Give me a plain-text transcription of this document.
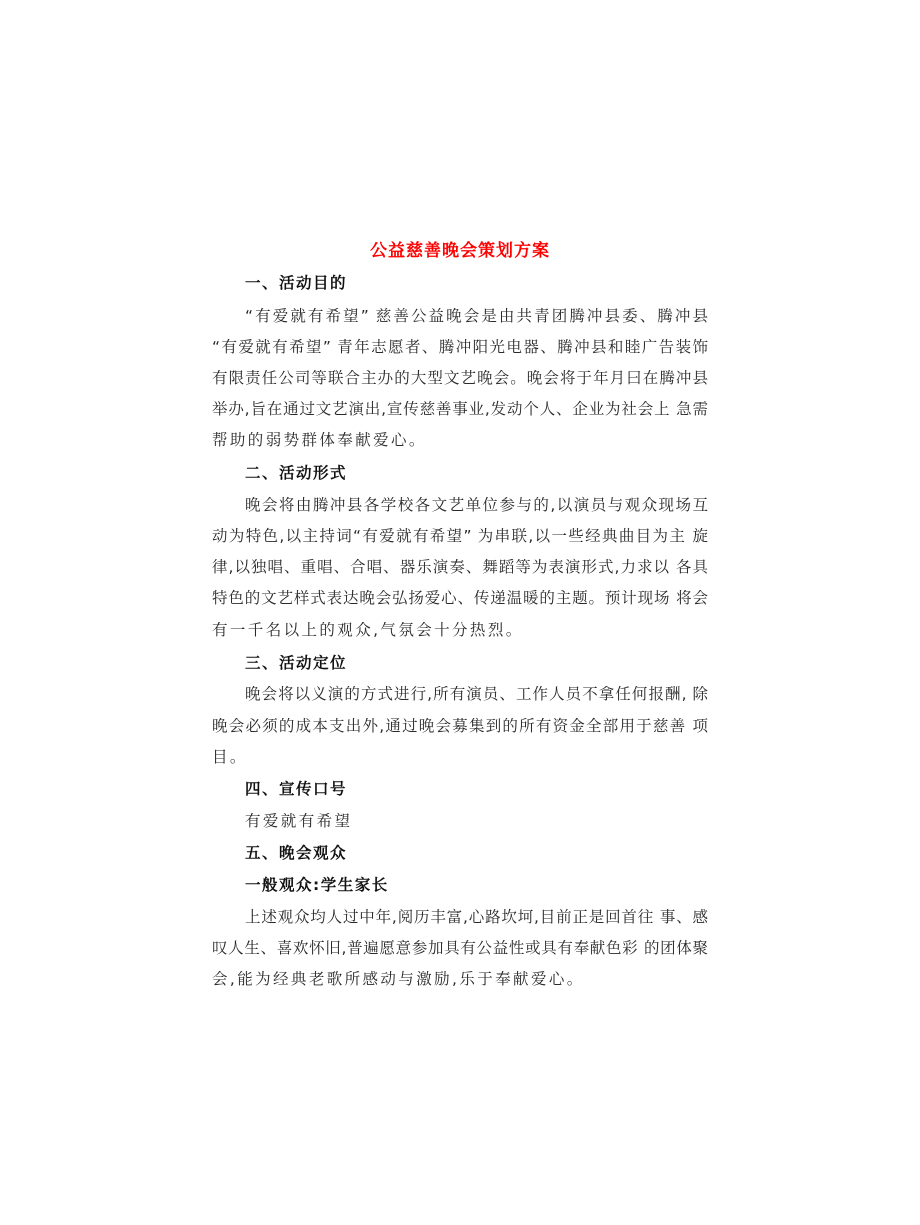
公益慈善晚会策划方案
一、活动目的
“有爱就有希望” 慈善公益晚会是由共青团腾冲县委、腾冲县
“有爱就有希望” 青年志愿者、腾冲阳光电器、腾冲县和睦广告装饰
有限责任公司等联合主办的大型文艺晚会。晚会将于年月曰在腾冲县
举办,旨在通过文艺演出,宣传慈善事业,发动个人、企业为社会上 急需
帮助的弱势群体奉献爱心。
二、活动形式
晚会将由腾冲县各学校各文艺单位参与的,以演员与观众现场互
动为特色,以主持词“有爱就有希望” 为串联,以一些经典曲目为主 旋
律,以独唱、重唱、合唱、器乐演奏、舞蹈等为表演形式,力求以 各具
特色的文艺样式表达晚会弘扬爱心、传递温暖的主题。预计现场 将会
有一千名以上的观众,气氛会十分热烈。
三、活动定位
晚会将以义演的方式进行,所有演员、工作人员不拿任何报酬, 除
晚会必须的成本支出外,通过晚会募集到的所有资金全部用于慈善 项
目。
四、宣传口号
有爱就有希望
五、晚会观众
一般观众:学生家长
上述观众均人过中年,阅历丰富,心路坎坷,目前正是回首往 事、感
叹人生、喜欢怀旧,普遍愿意参加具有公益性或具有奉献色彩 的团体聚
会,能为经典老歌所感动与激励,乐于奉献爱心。
